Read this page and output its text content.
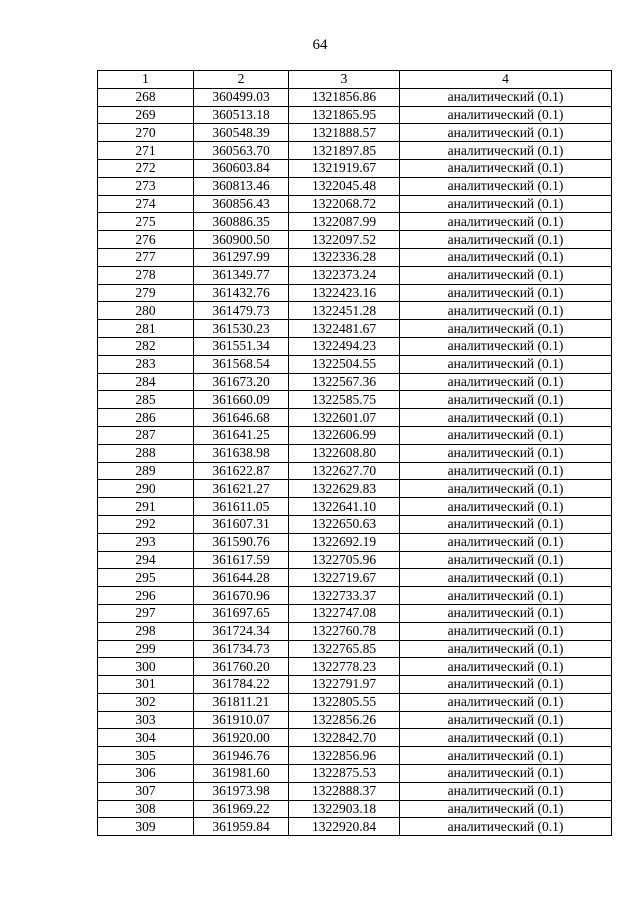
64
1	2	3	4
268	360499.03	1321856.86	аналитический (0.1)
269	360513.18	1321865.95	аналитический (0.1)
270	360548.39	1321888.57	аналитический (0.1)
271	360563.70	1321897.85	аналитический (0.1)
272	360603.84	1321919.67	аналитический (0.1)
273	360813.46	1322045.48	аналитический (0.1)
274	360856.43	1322068.72	аналитический (0.1)
275	360886.35	1322087.99	аналитический (0.1)
276	360900.50	1322097.52	аналитический (0.1)
277	361297.99	1322336.28	аналитический (0.1)
278	361349.77	1322373.24	аналитический (0.1)
279	361432.76	1322423.16	аналитический (0.1)
280	361479.73	1322451.28	аналитический (0.1)
281	361530.23	1322481.67	аналитический (0.1)
282	361551.34	1322494.23	аналитический (0.1)
283	361568.54	1322504.55	аналитический (0.1)
284	361673.20	1322567.36	аналитический (0.1)
285	361660.09	1322585.75	аналитический (0.1)
286	361646.68	1322601.07	аналитический (0.1)
287	361641.25	1322606.99	аналитический (0.1)
288	361638.98	1322608.80	аналитический (0.1)
289	361622.87	1322627.70	аналитический (0.1)
290	361621.27	1322629.83	аналитический (0.1)
291	361611.05	1322641.10	аналитический (0.1)
292	361607.31	1322650.63	аналитический (0.1)
293	361590.76	1322692.19	аналитический (0.1)
294	361617.59	1322705.96	аналитический (0.1)
295	361644.28	1322719.67	аналитический (0.1)
296	361670.96	1322733.37	аналитический (0.1)
297	361697.65	1322747.08	аналитический (0.1)
298	361724.34	1322760.78	аналитический (0.1)
299	361734.73	1322765.85	аналитический (0.1)
300	361760.20	1322778.23	аналитический (0.1)
301	361784.22	1322791.97	аналитический (0.1)
302	361811.21	1322805.55	аналитический (0.1)
303	361910.07	1322856.26	аналитический (0.1)
304	361920.00	1322842.70	аналитический (0.1)
305	361946.76	1322856.96	аналитический (0.1)
306	361981.60	1322875.53	аналитический (0.1)
307	361973.98	1322888.37	аналитический (0.1)
308	361969.22	1322903.18	аналитический (0.1)
309	361959.84	1322920.84	аналитический (0.1)
